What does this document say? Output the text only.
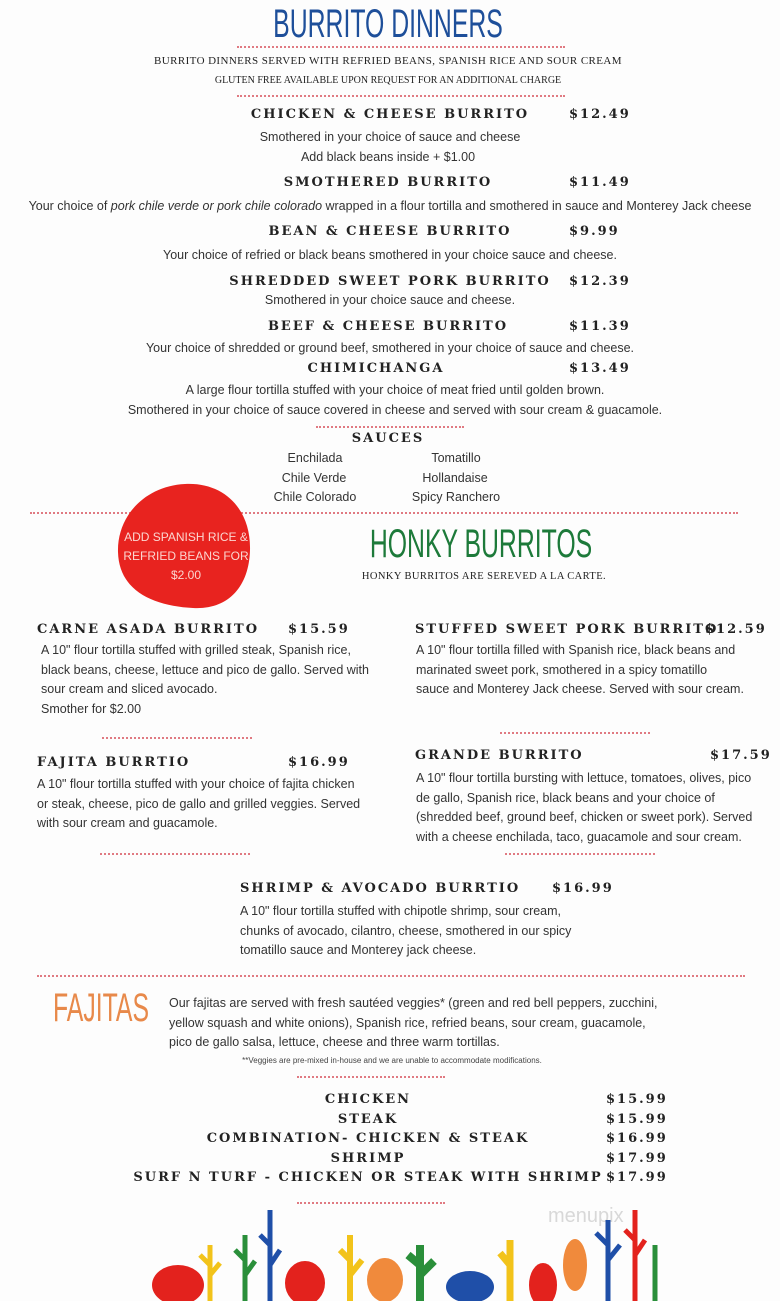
BURRITO DINNERS
BURRITO DINNERS SERVED WITH REFRIED BEANS, SPANISH RICE AND SOUR CREAM
GLUTEN FREE AVAILABLE UPON REQUEST FOR AN ADDITIONAL CHARGE
CHICKEN & CHEESE BURRITO	$12.49
Smothered in your choice of sauce and cheese
Add black beans inside + $1.00
SMOTHERED BURRITO	$11.49
Your choice of pork chile verde or pork chile colorado wrapped in a flour tortilla and smothered in sauce and Monterey Jack cheese
BEAN & CHEESE BURRITO	$9.99
Your choice of refried or black beans smothered in your choice sauce and cheese.
SHREDDED SWEET PORK BURRITO $12.39
Smothered in your choice sauce and cheese.
BEEF & CHEESE BURRITO	$11.39
Your choice of shredded or ground beef, smothered in your choice of sauce and cheese.
CHIMICHANGA	$13.49
A large flour tortilla stuffed with your choice of meat fried until golden brown.
Smothered in your choice of sauce covered in cheese and served with sour cream & guacamole.
SAUCES
Enchilada
Chile Verde
Chile Colorado
Tomatillo
Hollandaise
Spicy Ranchero
ADD SPANISH RICE &
REFRIED BEANS FOR
$2.00
HONKY BURRITOS
HONKY BURRITOS ARE SEREVED A LA CARTE.
CARNE ASADA BURRITO $15.59
A 10" flour tortilla stuffed with grilled steak, Spanish rice,
black beans, cheese, lettuce and pico de gallo. Served with
sour cream and sliced avocado.
Smother for $2.00
STUFFED SWEET PORK BURRITO
$12.59
A 10" flour tortilla filled with Spanish rice, black beans and
marinated sweet pork, smothered in a spicy tomatillo
sauce and Monterey Jack cheese. Served with sour cream.
FAJITA BURRTIO	$16.99
A 10" flour tortilla stuffed with your choice of fajita chicken
or steak, cheese, pico de gallo and grilled veggies. Served
with sour cream and guacamole.
GRANDE BURRITO	$17.59
A 10" flour tortilla bursting with lettuce, tomatoes, olives, pico
de gallo, Spanish rice, black beans and your choice of
(shredded beef, ground beef, chicken or sweet pork). Served
with a cheese enchilada, taco, guacamole and sour cream.
SHRIMP & AVOCADO BURRTIO $16.99
A 10" flour tortilla stuffed with chipotle shrimp, sour cream,
chunks of avocado, cilantro, cheese, smothered in our spicy
tomatillo sauce and Monterey jack cheese.
FAJITAS Our fajitas are served with fresh sautéed veggies* (green and red bell peppers, zucchini,
yellow squash and white onions), Spanish rice, refried beans, sour cream, guacamole,
pico de gallo salsa, lettuce, cheese and three warm tortillas.
**Veggies are pre-mixed in-house and we are unable to accommodate modifications.
CHICKEN	$15.99
STEAK	$15.99
COMBINATION- CHICKEN & STEAK	$16.99
SHRIMP	$17.99
SURF N TURF - CHICKEN OR STEAK WITH SHRIMP $17.99
menupix
